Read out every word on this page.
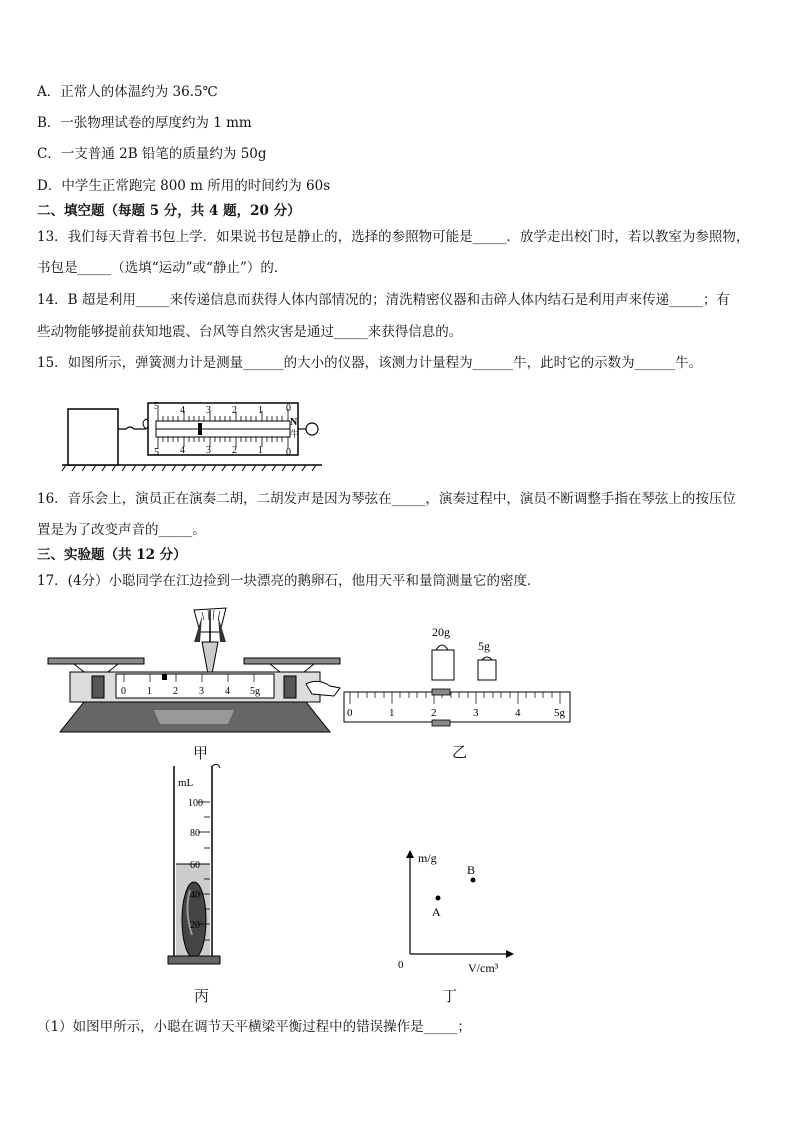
A．正常人的体温约为 36.5℃
B．一张物理试卷的厚度约为 1 mm
C．一支普通 2B 铅笔的质量约为 50g
D．中学生正常跑完 800 m 所用的时间约为 60s
二、填空题（每题 5 分，共 4 题，20 分）
13．我们每天背着书包上学．如果说书包是静止的，选择的参照物可能是_____．放学走出校门时，若以教室为参照物，
书包是_____（选填“运动”或“静止”）的．
14．B 超是利用_____来传递信息而获得人体内部情况的；清洗精密仪器和击碎人体内结石是利用声来传递_____；有
些动物能够提前获知地震、台风等自然灾害是通过_____来获得信息的。
15．如图所示，弹簧测力计是测量______的大小的仪器，该测力计量程为______牛，此时它的示数为______牛。
5 4 3 2 1 0
5 4 3 2 1 0
N
牛
16．音乐会上，演员正在演奏二胡，二胡发声是因为琴弦在_____，演奏过程中，演员不断调整手指在琴弦上的按压位
置是为了改变声音的_____。
三、实验题（共 12 分）
17．(4分）小聪同学在江边捡到一块漂亮的鹅卵石，他用天平和量筒测量它的密度．
0 1 2 3 4 5g
甲
20g
5g
0	1	2	3	4	5g
乙
mL
100
80
60
40
20
丙
m/g
V/cm³
0
A
B
丁
（1）如图甲所示，小聪在调节天平横梁平衡过程中的错误操作是_____；
